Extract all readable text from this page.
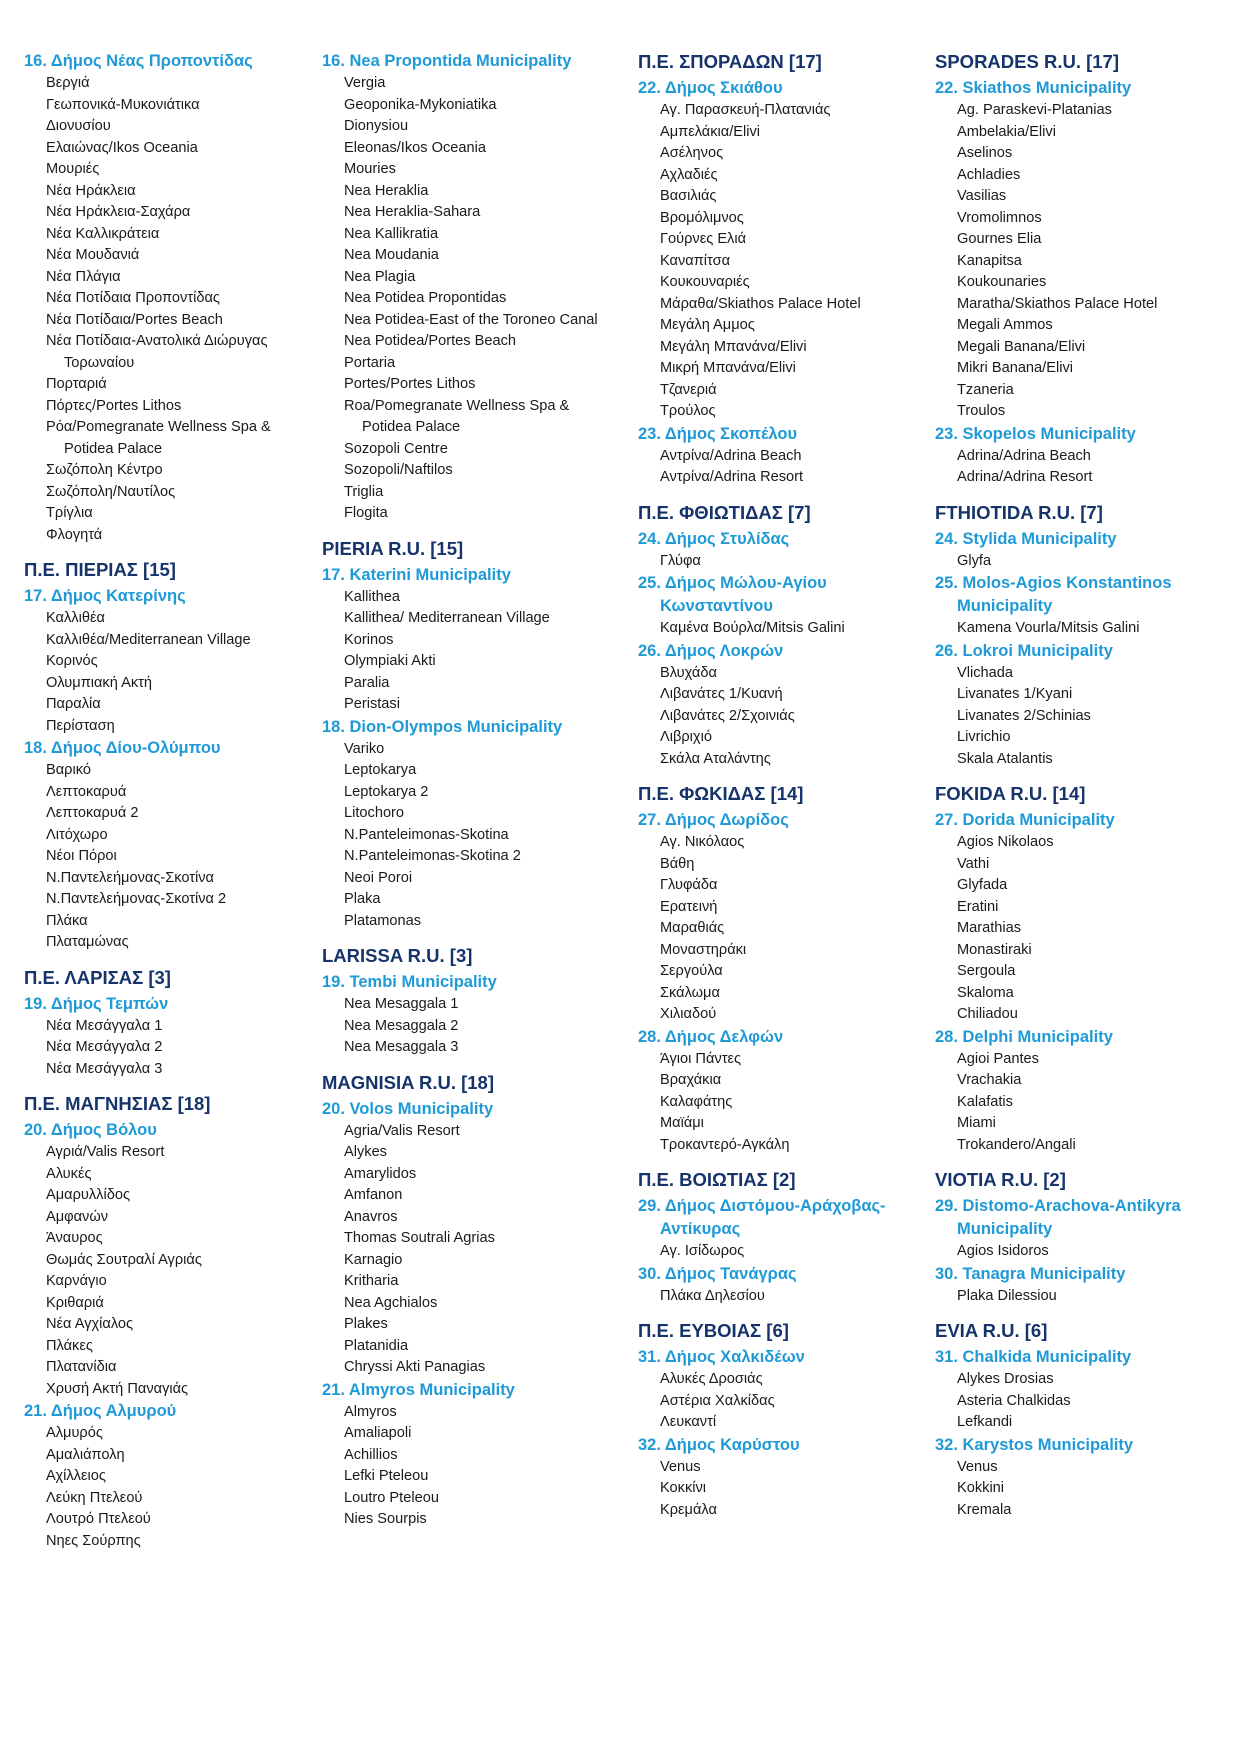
16. Δήμος Νέας Προποντίδας
Βεργιά
Γεωπονικά-Μυκονιάτικα
Διονυσίου
Ελαιώνας/Ikos Oceania
Μουριές
Νέα Ηράκλεια
Νέα Ηράκλεια-Σαχάρα
Νέα Καλλικράτεια
Νέα Μουδανιά
Νέα Πλάγια
Νέα Ποτίδαια Προποντίδας
Νέα Ποτίδαια/Portes Beach
Νέα Ποτίδαια-Ανατολικά Διώρυγας Τορωναίου
Πορταριά
Πόρτες/Portes Lithos
Ρόα/Pomegranate Wellness Spa & Potidea Palace
Σωζόπολη Κέντρο
Σωζόπολη/Ναυτίλος
Τρίγλια
Φλογητά
Π.Ε. ΠΙΕΡΙΑΣ [15]
17. Δήμος Κατερίνης
Καλλιθέα
Καλλιθέα/Mediterranean Village
Κορινός
Ολυμπιακή Ακτή
Παραλία
Περίσταση
18. Δήμος Δίου-Ολύμπου
Βαρικό
Λεπτοκαρυά
Λεπτοκαρυά 2
Λιτόχωρο
Νέοι Πόροι
Ν.Παντελεήμονας-Σκοτίνα
Ν.Παντελεήμονας-Σκοτίνα 2
Πλάκα
Πλαταμώνας
Π.Ε. ΛΑΡΙΣΑΣ [3]
19. Δήμος Τεμπών
Νέα Μεσάγγαλα 1
Νέα Μεσάγγαλα 2
Νέα Μεσάγγαλα 3
Π.Ε. ΜΑΓΝΗΣΙΑΣ [18]
20. Δήμος Βόλου
Αγριά/Valis Resort
Αλυκές
Αμαρυλλίδος
Αμφανών
Άναυρος
Θωμάς Σουτραλί Αγριάς
Καρνάγιο
Κριθαριά
Νέα Αγχίαλος
Πλάκες
Πλατανίδια
Χρυσή Ακτή Παναγιάς
21. Δήμος Αλμυρού
Αλμυρός
Αμαλιάπολη
Αχίλλειος
Λεύκη Πτελεού
Λουτρό Πτελεού
Νηες Σούρπης
16. Nea Propontida Municipality
Vergia
Geoponika-Mykoniatika
Dionysiou
Eleonas/Ikos Oceania
Mouries
Nea Heraklia
Nea Heraklia-Sahara
Nea Kallikratia
Nea Moudania
Nea Plagia
Nea Potidea Propontidas
Nea Potidea-East of the Toroneo Canal
Nea Potidea/Portes Beach
Portaria
Portes/Portes Lithos
Roa/Pomegranate Wellness Spa & Potidea Palace
Sozopoli Centre
Sozopoli/Naftilos
Triglia
Flogita
PIERIA R.U. [15]
17. Katerini Municipality
Kallithea
Kallithea/ Mediterranean Village
Korinos
Olympiaki Akti
Paralia
Peristasi
18. Dion-Olympos Municipality
Variko
Leptokarya
Leptokarya 2
Litochoro
N.Panteleimonas-Skotina
N.Panteleimonas-Skotina 2
Neoi Poroi
Plaka
Platamonas
LARISSA R.U. [3]
19. Tembi Municipality
Nea Mesaggala 1
Nea Mesaggala 2
Nea Mesaggala 3
MAGNISIA R.U. [18]
20. Volos Municipality
Agria/Valis Resort
Alykes
Amarylidos
Amfanon
Anavros
Thomas Soutrali Agrias
Karnagio
Kritharia
Nea Agchialos
Plakes
Platanidia
Chryssi Akti Panagias
21. Almyros Municipality
Almyros
Amaliapoli
Achillios
Lefki Pteleou
Loutro Pteleou
Nies Sourpis
Π.Ε. ΣΠΟΡΑΔΩΝ [17]
22. Δήμος Σκιάθου
Αγ. Παρασκευή-Πλατανιάς
Αμπελάκια/Elivi
Ασέληνος
Αχλαδιές
Βασιλιάς
Βρομόλιμνος
Γούρνες Ελιά
Καναπίτσα
Κουκουναριές
Μάραθα/Skiathos Palace Hotel
Μεγάλη Αμμος
Μεγάλη Μπανάνα/Elivi
Μικρή Μπανάνα/Elivi
Τζανεριά
Τρούλος
23. Δήμος Σκοπέλου
Αντρίνα/Adrina Beach
Αντρίνα/Adrina Resort
Π.Ε. ΦΘΙΩΤΙΔΑΣ [7]
24. Δήμος Στυλίδας
Γλύφα
25. Δήμος Μώλου-Αγίου Κωνσταντίνου
Καμένα Βούρλα/Mitsis Galini
26. Δήμος Λοκρών
Βλυχάδα
Λιβανάτες 1/Κυανή
Λιβανάτες 2/Σχοινιάς
Λιβριχιό
Σκάλα Αταλάντης
Π.Ε. ΦΩΚΙΔΑΣ [14]
27. Δήμος Δωρίδος
Αγ. Νικόλαος
Βάθη
Γλυφάδα
Ερατεινή
Μαραθιάς
Μοναστηράκι
Σεργούλα
Σκάλωμα
Χιλιαδού
28. Δήμος Δελφών
Άγιοι Πάντες
Βραχάκια
Καλαφάτης
Μαϊάμι
Τροκαντερό-Αγκάλη
Π.Ε. ΒΟΙΩΤΙΑΣ [2]
29. Δήμος Διστόμου-Αράχοβας-Αντίκυρας
Αγ. Ισίδωρος
30. Δήμος Τανάγρας
Πλάκα Δηλεσίου
Π.Ε. ΕΥΒΟΙΑΣ [6]
31. Δήμος Χαλκιδέων
Αλυκές Δροσιάς
Αστέρια Χαλκίδας
Λευκαντί
32. Δήμος Καρύστου
Venus
Κοκκίνι
Κρεμάλα
SPORADES R.U. [17]
22. Skiathos Municipality
Ag. Paraskevi-Platanias
Ambelakia/Elivi
Aselinos
Achladies
Vasilias
Vromolimnos
Gournes Elia
Kanapitsa
Koukounaries
Maratha/Skiathos Palace Hotel
Megali Ammos
Megali Banana/Elivi
Mikri Banana/Elivi
Tzaneria
Troulos
23. Skopelos Municipality
Adrina/Adrina Beach
Adrina/Adrina Resort
FTHIOTIDA R.U. [7]
24. Stylida Municipality
Glyfa
25. Molos-Agios Konstantinos Municipality
Kamena Vourla/Mitsis Galini
26. Lokroi Municipality
Vlichada
Livanates 1/Kyani
Livanates 2/Schinias
Livrichio
Skala Atalantis
FOKIDA R.U. [14]
27. Dorida Municipality
Agios Nikolaos
Vathi
Glyfada
Eratini
Marathias
Monastiraki
Sergoula
Skaloma
Chiliadou
28. Delphi Municipality
Agioi Pantes
Vrachakia
Kalafatis
Miami
Trokandero/Angali
VIOTIA R.U. [2]
29. Distomo-Arachova-Antikyra Municipality
Agios Isidoros
30. Tanagra Municipality
Plaka Dilessiou
EVIA R.U. [6]
31. Chalkida Municipality
Alykes Drosias
Asteria Chalkidas
Lefkandi
32. Karystos Municipality
Venus
Kokkini
Kremala
